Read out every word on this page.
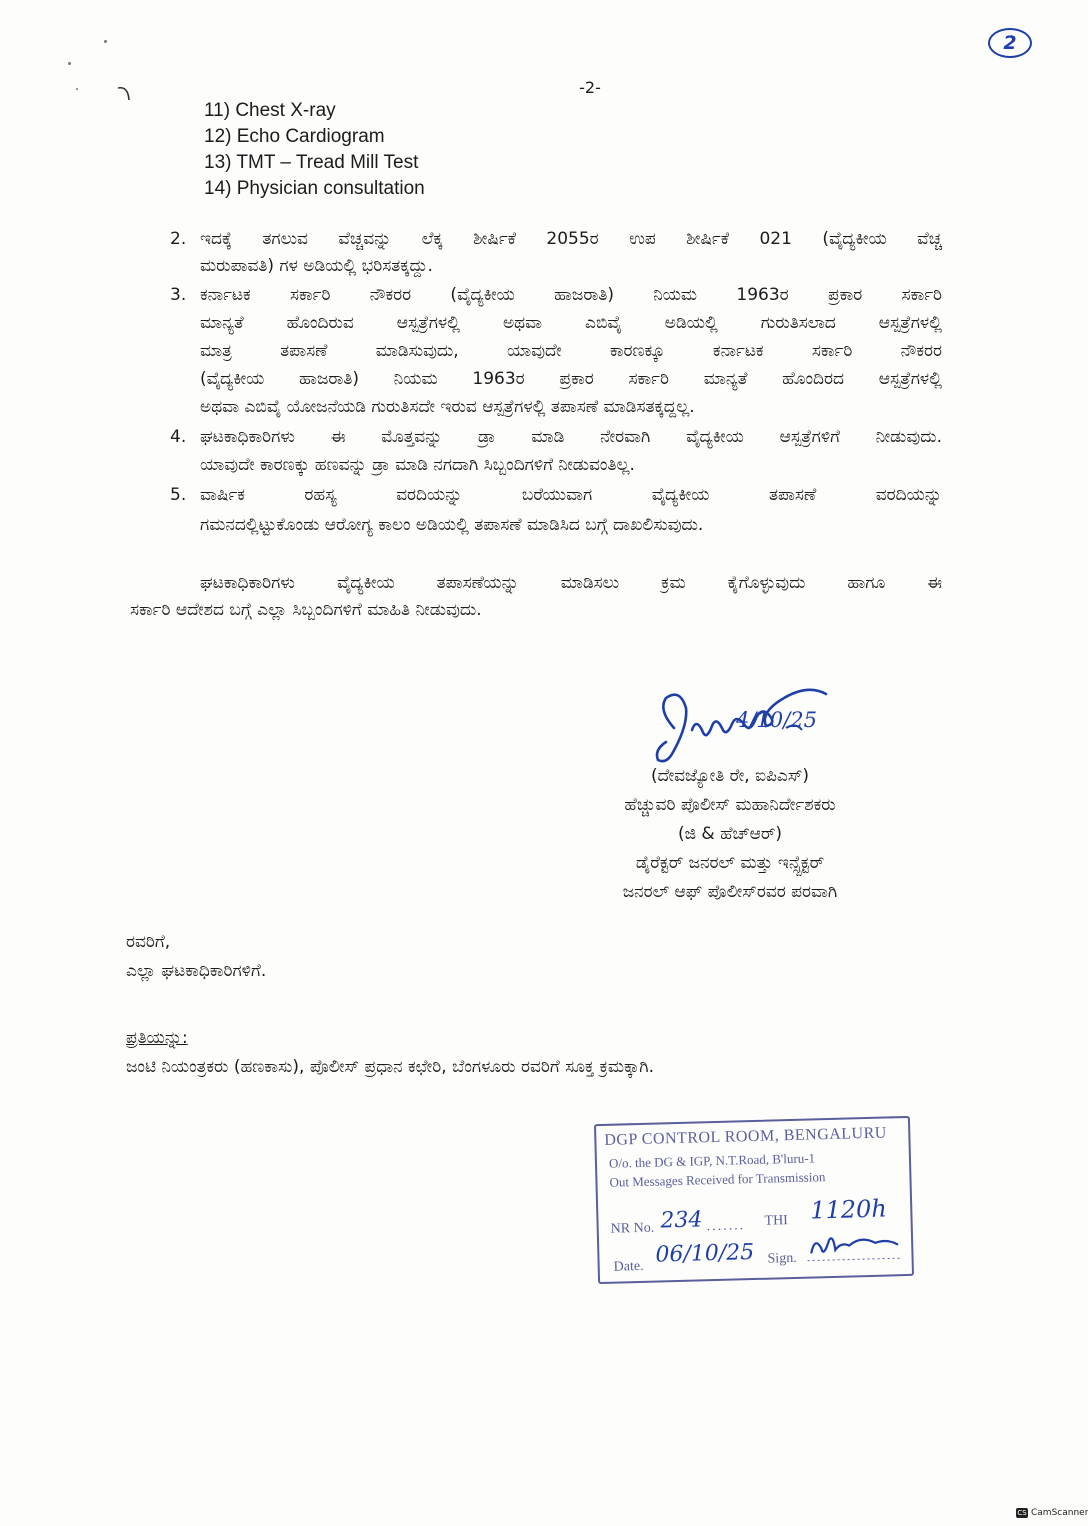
2
-2-
11) Chest X-ray
12) Echo Cardiogram
13) TMT – Tread Mill Test
14) Physician consultation
2. ಇದಕ್ಕೆ ತಗಲುವ ವೆಚ್ಚವನ್ನು ಲೆಕ್ಕ ಶೀರ್ಷಿಕೆ 2055ರ ಉಪ ಶೀರ್ಷಿಕೆ 021 (ವೈದ್ಯಕೀಯ ವೆಚ್ಚ
ಮರುಪಾವತಿ) ಗಳ ಅಡಿಯಲ್ಲಿ ಭರಿಸತಕ್ಕದ್ದು.
3. ಕರ್ನಾಟಕ ಸರ್ಕಾರಿ ನೌಕರರ (ವೈದ್ಯಕೀಯ ಹಾಜರಾತಿ) ನಿಯಮ 1963ರ ಪ್ರಕಾರ ಸರ್ಕಾರಿ
ಮಾನ್ಯತೆ ಹೊಂದಿರುವ ಆಸ್ಪತ್ರೆಗಳಲ್ಲಿ ಅಥವಾ ಎಬಿವೈ ಅಡಿಯಲ್ಲಿ ಗುರುತಿಸಲಾದ ಆಸ್ಪತ್ರೆಗಳಲ್ಲಿ
ಮಾತ್ರ ತಪಾಸಣೆ ಮಾಡಿಸುವುದು, ಯಾವುದೇ ಕಾರಣಕ್ಕೂ ಕರ್ನಾಟಕ ಸರ್ಕಾರಿ ನೌಕರರ
(ವೈದ್ಯಕೀಯ ಹಾಜರಾತಿ) ನಿಯಮ 1963ರ ಪ್ರಕಾರ ಸರ್ಕಾರಿ ಮಾನ್ಯತೆ ಹೊಂದಿರದ ಆಸ್ಪತ್ರೆಗಳಲ್ಲಿ
ಅಥವಾ ಎಬಿವೈ ಯೋಜನೆಯಡಿ ಗುರುತಿಸದೇ ಇರುವ ಆಸ್ಪತ್ರೆಗಳಲ್ಲಿ ತಪಾಸಣೆ ಮಾಡಿಸತಕ್ಕದ್ದಲ್ಲ.
4. ಘಟಕಾಧಿಕಾರಿಗಳು ಈ ಮೊತ್ತವನ್ನು ಡ್ರಾ ಮಾಡಿ ನೇರವಾಗಿ ವೈದ್ಯಕೀಯ ಆಸ್ಪತ್ರೆಗಳಿಗೆ ನೀಡುವುದು.
ಯಾವುದೇ ಕಾರಣಕ್ಕು ಹಣವನ್ನು ಡ್ರಾ ಮಾಡಿ ನಗದಾಗಿ ಸಿಬ್ಬಂದಿಗಳಿಗೆ ನೀಡುವಂತಿಲ್ಲ.
5. ವಾರ್ಷಿಕ ರಹಸ್ಯ ವರದಿಯನ್ನು ಬರೆಯುವಾಗ ವೈದ್ಯಕೀಯ ತಪಾಸಣೆ ವರದಿಯನ್ನು
ಗಮನದಲ್ಲಿಟ್ಟುಕೊಂಡು ಆರೋಗ್ಯ ಕಾಲಂ ಅಡಿಯಲ್ಲಿ ತಪಾಸಣೆ ಮಾಡಿಸಿದ ಬಗ್ಗೆ ದಾಖಲಿಸುವುದು.
ಘಟಕಾಧಿಕಾರಿಗಳು ವೈದ್ಯಕೀಯ ತಪಾಸಣೆಯನ್ನು ಮಾಡಿಸಲು ಕ್ರಮ ಕೈಗೊಳ್ಳುವುದು ಹಾಗೂ ಈ
ಸರ್ಕಾರಿ ಆದೇಶದ ಬಗ್ಗೆ ಎಲ್ಲಾ ಸಿಬ್ಬಂದಿಗಳಿಗೆ ಮಾಹಿತಿ ನೀಡುವುದು.
4/10/25
(ದೇವಜ್ಯೋತಿ ರೇ, ಐಪಿಎಸ್)
ಹೆಚ್ಚುವರಿ ಪೊಲೀಸ್ ಮಹಾನಿರ್ದೇಶಕರು
(ಜಿ & ಹೆಚ್‌ಆರ್)
ಡೈರೆಕ್ಟರ್ ಜನರಲ್ ಮತ್ತು ಇನ್ಸ್ಪೆಕ್ಟರ್
ಜನರಲ್ ಆಫ್ ಪೊಲೀಸ್‌ರವರ ಪರವಾಗಿ
ರವರಿಗೆ,
ಎಲ್ಲಾ ಘಟಕಾಧಿಕಾರಿಗಳಿಗೆ.
ಪ್ರತಿಯನ್ನು:
ಜಂಟಿ ನಿಯಂತ್ರಕರು (ಹಣಕಾಸು), ಪೊಲೀಸ್ ಪ್ರಧಾನ ಕಛೇರಿ, ಬೆಂಗಳೂರು ರವರಿಗೆ ಸೂಕ್ತ ಕ್ರಮಕ್ಕಾಗಿ.
DGP CONTROL ROOM, BENGALURU
O/o. the DG & IGP, N.T.Road, B'luru-1
Out Messages Received for Transmission
NR No. 234 ....... THI 1120h
Date. 06/10/25 Sign.
CS CamScanner
